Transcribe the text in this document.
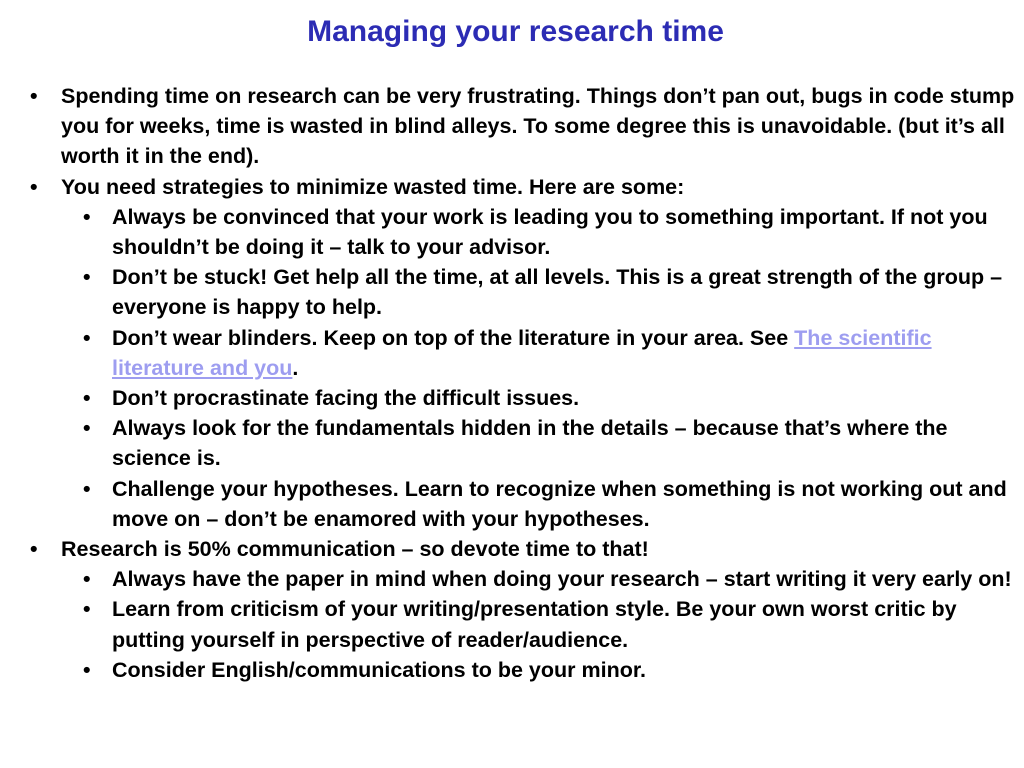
Managing your research time
•	Spending time on research can be very frustrating. Things don’t pan out, bugs in code stump you for weeks, time is wasted in blind alleys. To some degree this is unavoidable. (but it’s all worth it in the end).
•	You need strategies to minimize wasted time. Here are some:
• Always be convinced that your work is leading you to something important. If not you shouldn’t be doing it – talk to your advisor.
• Don’t be stuck! Get help all the time, at all levels. This is a great strength of the group – everyone is happy to help.
• Don’t wear blinders. Keep on top of the literature in your area. See The scientific literature and you.
• Don’t procrastinate facing the difficult issues.
• Always look for the fundamentals hidden in the details – because that’s where the science is.
• Challenge your hypotheses. Learn to recognize when something is not working out and move on – don’t be enamored with your hypotheses.
•	Research is 50% communication – so devote time to that!
• Always have the paper in mind when doing your research – start writing it very early on!
• Learn from criticism of your writing/presentation style. Be your own worst critic by putting yourself in perspective of reader/audience.
• Consider English/communications to be your minor.
